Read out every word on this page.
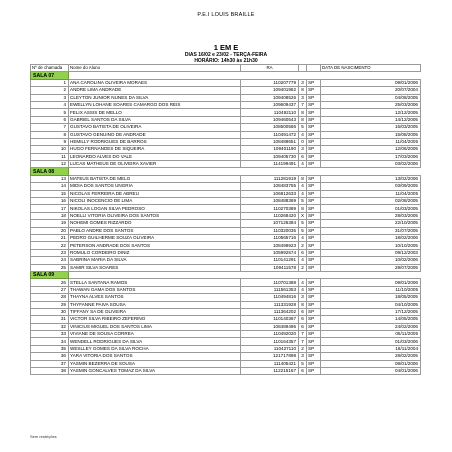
P.E.I LOUIS BRAILLE
1 EM E
DIAS 16/02 e 23/02 - TERÇA-FEIRA
HORÁRIO: 14h30 às 21h30
Nº de chamada	Nome do Aluno	RA			DATA DE NASCIMENTO
SALA 07					
1	ANA CAROLINA OLIVEIRA MORAES	110207779	3	SP	09/01/2006
2	ANDRE LIMA ANDRADE	109401962	8	SP	20/07/2004
3	CLEYTON JUNIOR NUNES DA SILVA	109408526	3	SP	04/08/2005
4	EWELLYN LOHANE SOARES CAMARGO DOS REIS	109609437	7	SP	25/03/2006
5	FELIX ASSIS DE MELLO	110492110	8	SP	12/12/2005
6	GABRIEL SANTOS DA SILVA	109460543	8	SP	14/12/2005
7	GUSTAVO BATISTA DE OLIVEIRA	108500566	5	SP	15/03/2005
8	GUSTAVO GENUINO DE ANDRADE	110491472	4	SP	15/08/2005
9	HEMILLY RODRIGUES DE BARROS	108488651	0	SP	11/04/2005
10	HUGO FERNANDES DE SIQUEIRA	109401190	3	SP	12/06/2005
11	LEONARDO ALVES DO VALE	109405730	6	SP	17/03/2006
12	LUCAS MATHEUS DE OLIVEIRA XAVIER	114199491	4	SP	03/02/2006
SALA 08					
13	MATEUS BATISTA DE MELO	111281919	8	SP	13/02/2006
14	MIDIA DOS SANTOS UNGRIA	108483755	4	SP	03/09/2005
15	NICOLAS FERREIRA DE ABREU	106812633	4	SP	11/04/2005
16	NICOLI INOCENCIO DE LIMA	108488369	5	SP	02/08/2005
17	NIKOLAS LOGAN SILVA PEDROSO	110270389	8	SP	01/03/2005
18	NOELLI VITORIA OLIVEIRA DOS SANTOS	110268420	X	SP	28/03/2005
19	NOHEMI GOMES RIZZARDO	107126384	5	SP	22/10/2005
20	PABLO ANDRE DOS SANTOS	110320035	5	SP	31/07/2005
21	PEDRO GUILHERME SOUZA OLIVEIRA	110565716	4	SP	18/02/2006
22	PETERSON ANDRADE DOS SANTOS	108498923	2	SP	10/10/2005
23	ROMULO CORDEIRO DINIZ	105992574	6	SP	09/12/2003
24	SABRINA MARIA DA SILVA	110141291	4	SP	10/02/2006
25	SAMIR SILVA SOARES	109411578	2	SP	29/07/2005
SALA 09					
26	STELLA SANTANA RAMOS	110701388	4	SP	09/01/2006
27	THAWAN GAMA DOS SANTOS	111561353	4	SP	11/10/2005
28	THAYNA ALVES SANTOS	110494816	3	SP	18/05/2005
29	THYFANNE PAIVA SOUSA	111331928	8	SP	04/10/2005
30	TIFFANY SA DE OLIVEIRA	111364202	6	SP	17/12/2005
31	VICTOR SILVA RIBEIRO ZEFERINO	110140367	6	SP	14/05/2005
32	VINICIUS MIGUEL DOS SANTOS LIMA	108489495	6	SP	24/02/2006
33	VIVIANE DE SOUSA CORREA	110492020	7	SP	05/11/2005
34	WENDELL RODRIGUES DA SILVA	110164357	7	SP	01/03/2006
35	WESLLEY GOMES DA SILVA ROCHA	110427110	2	SP	18/11/2004
36	YARA VITORIA DOS SANTOS	121717898	3	SP	28/02/2005
37	YASMIN BEZERRA DE SOUSA	111405421	5	SP	08/01/2006
38	YASMIN GONCALVES TOMAZ DA SILVA	112215167	6	SP	04/01/2006
Sem restrições
